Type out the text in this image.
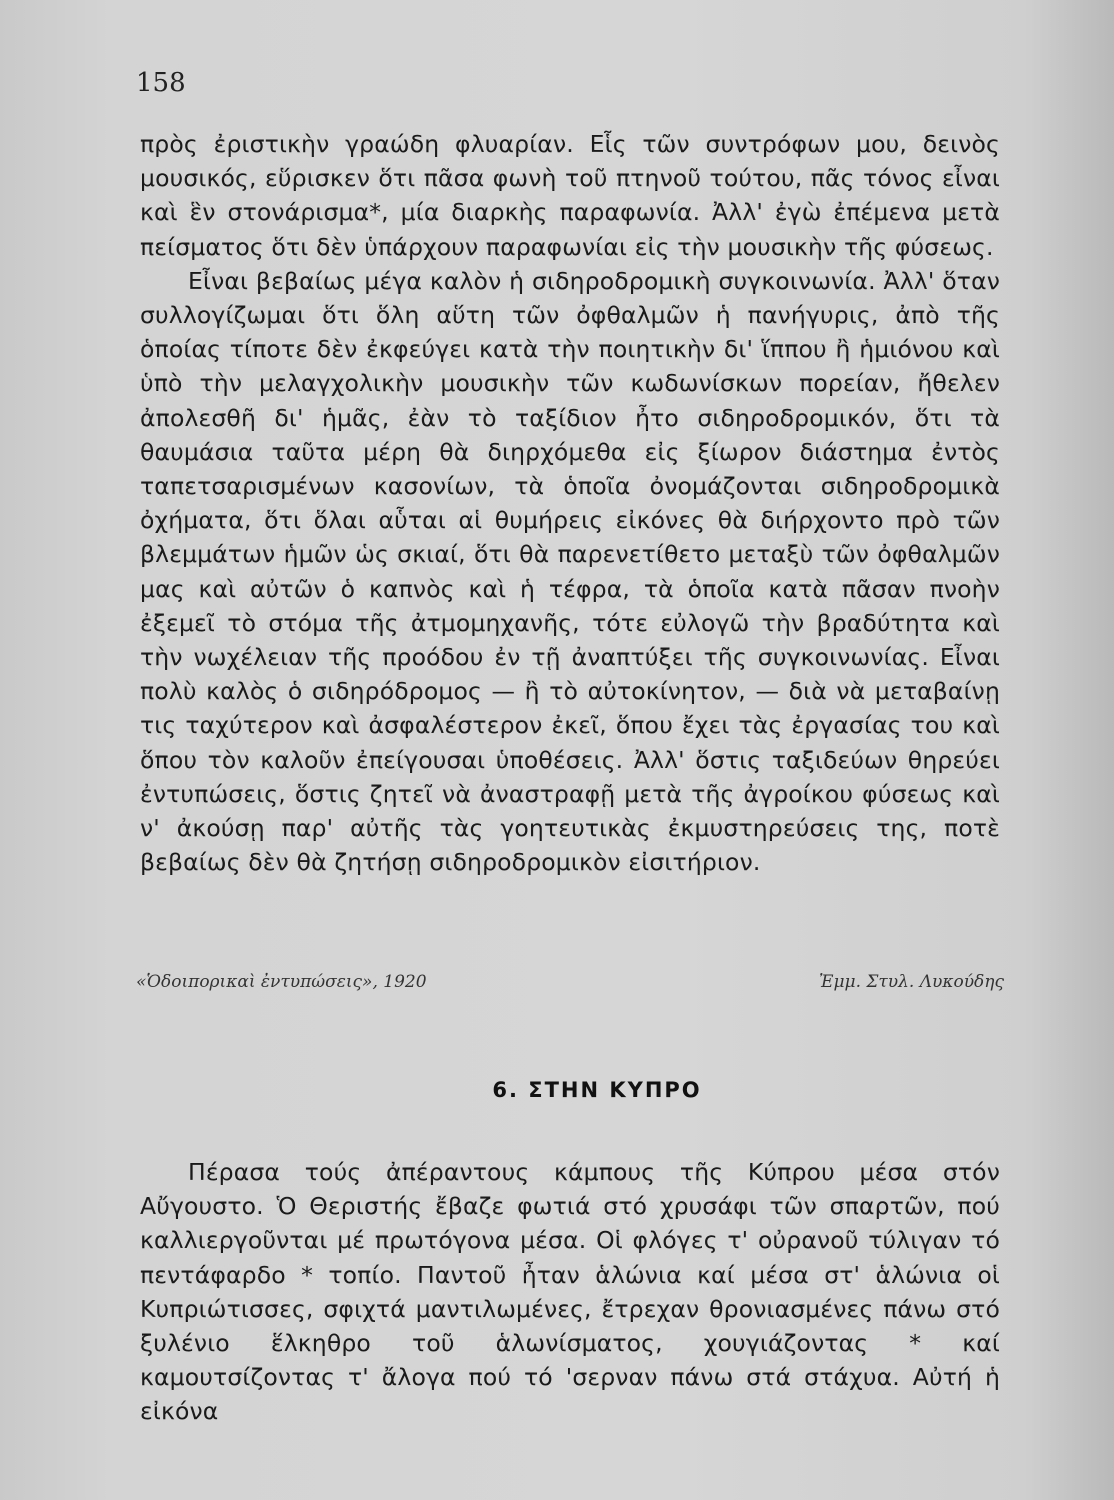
158

πρὸς ἐριστικὴν γραώδη φλυαρίαν. Εἷς τῶν συντρόφων μου, δεινὸς μουσικός, εὕρισκεν ὅτι πᾶσα φωνὴ τοῦ πτηνοῦ τούτου, πᾶς τόνος εἶναι καὶ ἓν στονάρισμα*, μία διαρκὴς παραφωνία. Ἀλλ' ἐγὼ ἐπέμενα μετὰ πείσματος ὅτι δὲν ὑπάρχουν παραφωνίαι εἰς τὴν μουσικὴν τῆς φύσεως.

Εἶναι βεβαίως μέγα καλὸν ἡ σιδηροδρομικὴ συγκοινωνία. Ἀλλ' ὅταν συλλογίζωμαι ὅτι ὅλη αὕτη τῶν ὀφθαλμῶν ἡ πανήγυρις, ἀπὸ τῆς ὁποίας τίποτε δὲν ἐκφεύγει κατὰ τὴν ποιητικὴν δι' ἵππου ἢ ἡμιόνου καὶ ὑπὸ τὴν μελαγχολικὴν μουσικὴν τῶν κωδωνίσκων πορείαν, ἤθελεν ἀπολεσθῆ δι' ἡμᾶς, ἐὰν τὸ ταξίδιον ἦτο σιδηροδρομικόν, ὅτι τὰ θαυμάσια ταῦτα μέρη θὰ διηρχόμεθα εἰς ξίωρον διάστημα ἐντὸς ταπετσαρισμένων κασονίων, τὰ ὁποῖα ὀνομάζονται σιδηροδρομικὰ ὀχήματα, ὅτι ὅλαι αὗται αἱ θυμήρεις εἰκόνες θὰ διήρχοντο πρὸ τῶν βλεμμάτων ἡμῶν ὡς σκιαί, ὅτι θὰ παρενετίθετο μεταξὺ τῶν ὀφθαλμῶν μας καὶ αὐτῶν ὁ καπνὸς καὶ ἡ τέφρα, τὰ ὁποῖα κατὰ πᾶσαν πνοὴν ἐξεμεῖ τὸ στόμα τῆς ἀτμομηχανῆς, τότε εὐλογῶ τὴν βραδύτητα καὶ τὴν νωχέλειαν τῆς προόδου ἐν τῇ ἀναπτύξει τῆς συγκοινωνίας. Εἶναι πολὺ καλὸς ὁ σιδηρόδρομος — ἢ τὸ αὐτοκίνητον, — διὰ νὰ μεταβαίνῃ τις ταχύτερον καὶ ἀσφαλέστερον ἐκεῖ, ὅπου ἔχει τὰς ἐργασίας του καὶ ὅπου τὸν καλοῦν ἐπείγουσαι ὑποθέσεις. Ἀλλ' ὅστις ταξιδεύων θηρεύει ἐντυπώσεις, ὅστις ζητεῖ νὰ ἀναστραφῇ μετὰ τῆς ἀγροίκου φύσεως καὶ ν' ἀκούσῃ παρ' αὐτῆς τὰς γοητευτικὰς ἐκμυστηρεύσεις της, ποτὲ βεβαίως δὲν θὰ ζητήσῃ σιδηροδρομικὸν εἰσιτήριον.

«Ὁδοιπορικαὶ ἐντυπώσεις», 1920	Ἐμμ. Στυλ. Λυκούδης
6. ΣΤΗΝ ΚΥΠΡΟ

Πέρασα τούς ἀπέραντους κάμπους τῆς Κύπρου μέσα στόν Αὔγουστο. Ὁ Θεριστής ἔβαζε φωτιά στό χρυσάφι τῶν σπαρτῶν, πού καλλιεργοῦνται μέ πρωτόγονα μέσα. Οἱ φλόγες τ' οὐρανοῦ τύλιγαν τό πεντάφαρδο * τοπίο. Παντοῦ ἦταν ἁλώνια καί μέσα στ' ἁλώνια οἱ Κυπριώτισσες, σφιχτά μαντιλωμένες, ἔτρεχαν θρονιασμένες πάνω στό ξυλένιο ἕλκηθρο τοῦ ἁλωνίσματος, χουγιάζοντας * καί καμουτσίζοντας τ' ἄλογα πού τό 'σερναν πάνω στά στάχυα. Αὐτή ἡ εἰκόνα
